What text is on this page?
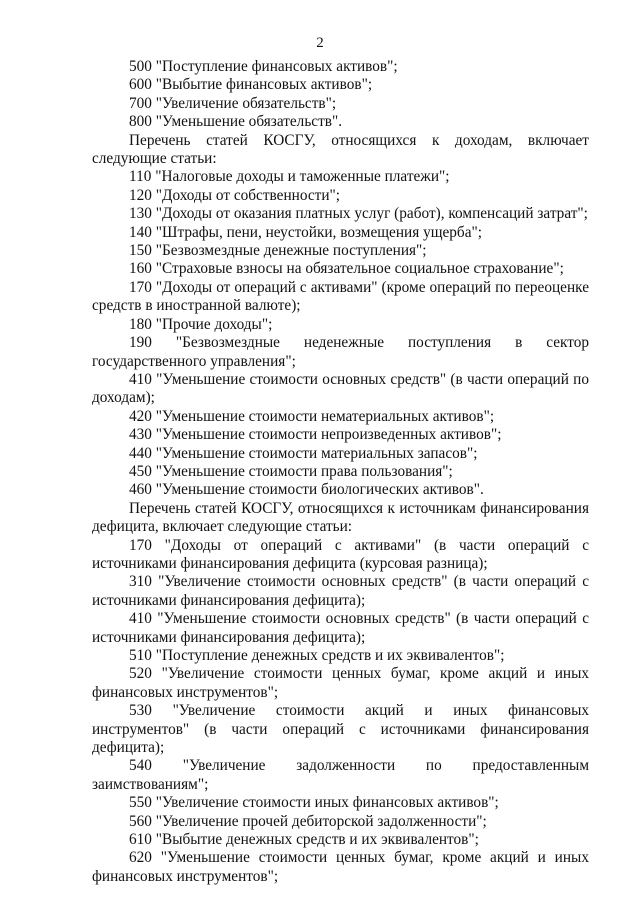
2

500 "Поступление финансовых активов";

600 "Выбытие финансовых активов";

700 "Увеличение обязательств";

800 "Уменьшение обязательств".

Перечень статей КОСГУ, относящихся к доходам, включает следующие статьи:

110 "Налоговые доходы и таможенные платежи";

120 "Доходы от собственности";

130 "Доходы от оказания платных услуг (работ), компенсаций затрат";

140 "Штрафы, пени, неустойки, возмещения ущерба";

150 "Безвозмездные денежные поступления";

160 "Страховые взносы на обязательное социальное страхование";

170 "Доходы от операций с активами" (кроме операций по переоценке средств в иностранной валюте);

180 "Прочие доходы";

190 "Безвозмездные неденежные поступления в сектор государственного управления";

410 "Уменьшение стоимости основных средств" (в части операций по доходам);

420 "Уменьшение стоимости нематериальных активов";

430 "Уменьшение стоимости непроизведенных активов";

440 "Уменьшение стоимости материальных запасов";

450 "Уменьшение стоимости права пользования";

460 "Уменьшение стоимости биологических активов".

Перечень статей КОСГУ, относящихся к источникам финансирования дефицита, включает следующие статьи:

170 "Доходы от операций с активами" (в части операций с источниками финансирования дефицита (курсовая разница);

310 "Увеличение стоимости основных средств" (в части операций с источниками финансирования дефицита);

410 "Уменьшение стоимости основных средств" (в части операций с источниками финансирования дефицита);

510 "Поступление денежных средств и их эквивалентов";

520 "Увеличение стоимости ценных бумаг, кроме акций и иных финансовых инструментов";

530 "Увеличение стоимости акций и иных финансовых инструментов" (в части операций с источниками финансирования дефицита);

540 "Увеличение задолженности по предоставленным заимствованиям";

550 "Увеличение стоимости иных финансовых активов";

560 "Увеличение прочей дебиторской задолженности";

610 "Выбытие денежных средств и их эквивалентов";

620 "Уменьшение стоимости ценных бумаг, кроме акций и иных финансовых инструментов";
